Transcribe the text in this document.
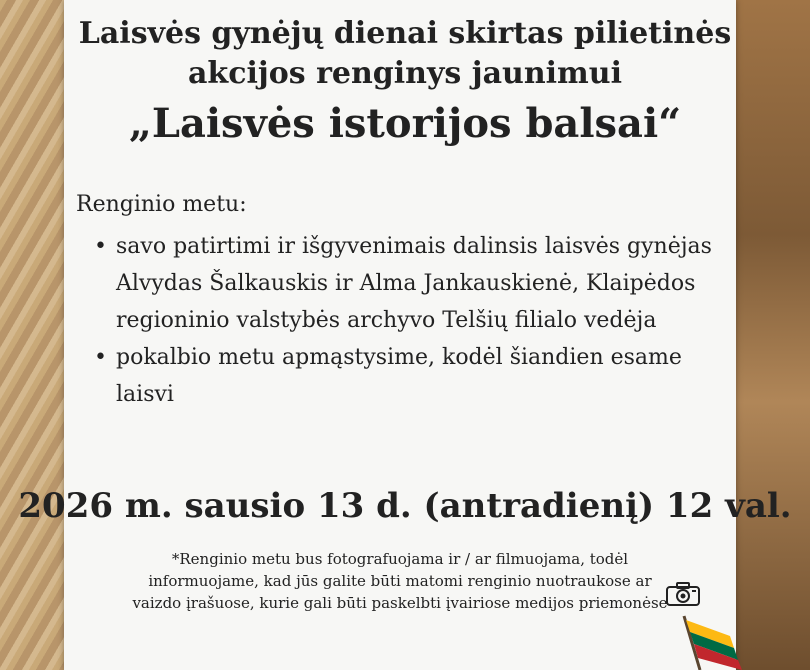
Laisvės gynėjų dienai skirtas pilietinės
akcijos renginys jaunimui
„Laisvės istorijos balsai“
Renginio metu:
• savo patirtimi ir išgyvenimais dalinsis laisvės gynėjas Alvydas Šalkauskis ir Alma Jankauskienė, Klaipėdos regioninio valstybės archyvo Telšių filialo vedėja
• pokalbio metu apmąstysime, kodėl šiandien esame laisvi
2026 m. sausio 13 d. (antradienį) 12 val.
*Renginio metu bus fotografuojama ir / ar filmuojama, todėl
informuojame, kad jūs galite būti matomi renginio nuotraukose ar
vaizdo įrašuose, kurie gali būti paskelbti įvairiose medijos priemonėse
